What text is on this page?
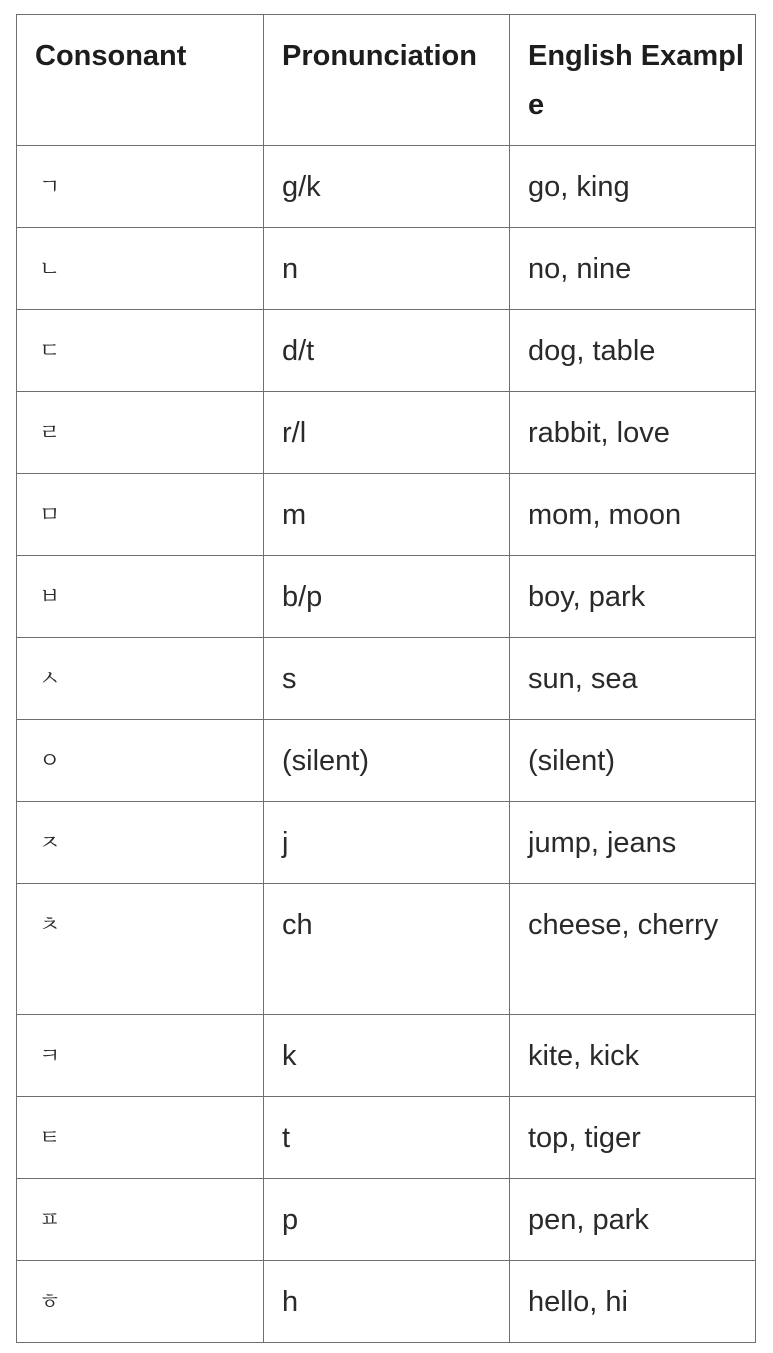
Consonant	Pronunciation	English Example
ㄱ	g/k	go, king
ㄴ	n	no, nine
ㄷ	d/t	dog, table
ㄹ	r/l	rabbit, love
ㅁ	m	mom, moon
ㅂ	b/p	boy, park
ㅅ	s	sun, sea
ㅇ	(silent)	(silent)
ㅈ	j	jump, jeans
ㅊ	ch	cheese, cherry
ㅋ	k	kite, kick
ㅌ	t	top, tiger
ㅍ	p	pen, park
ㅎ	h	hello, hi
